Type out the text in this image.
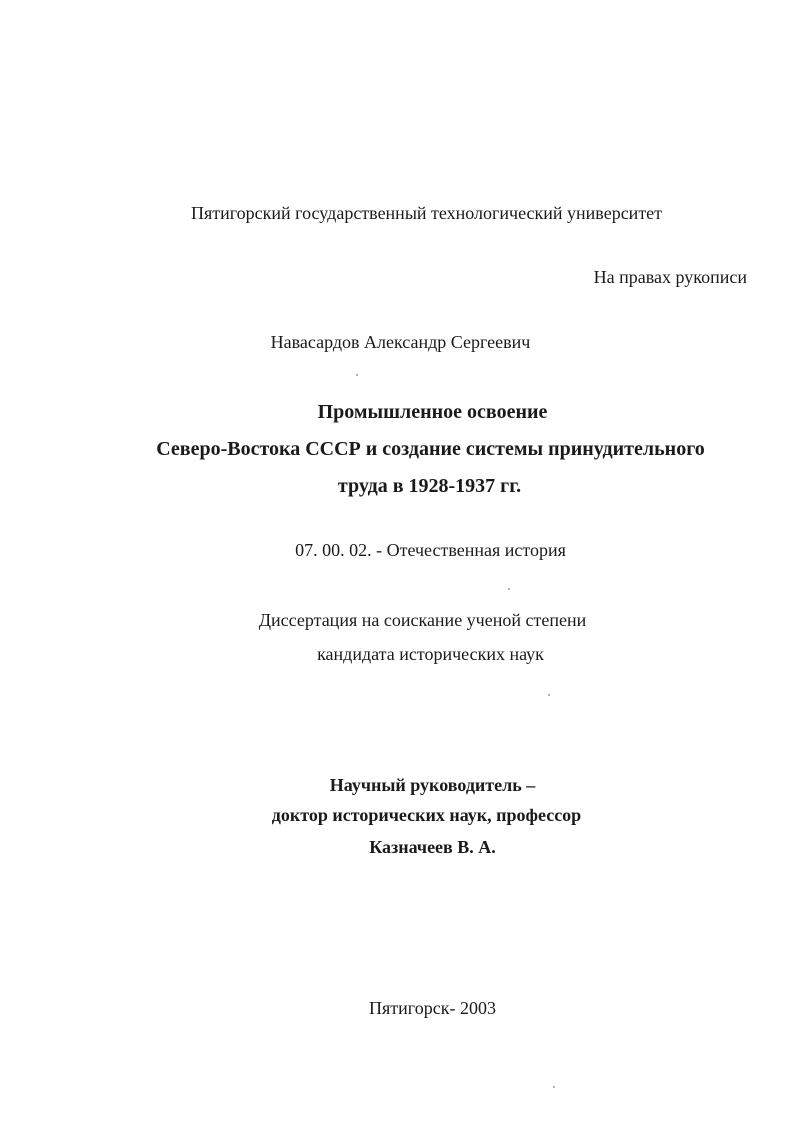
Пятигорский государственный технологический университет
На правах рукописи
Навасардов Александр Сергеевич
Промышленное освоение
Северо-Востока СССР и создание системы принудительного
труда в 1928-1937 гг.
07. 00. 02. - Отечественная история
Диссертация на соискание ученой степени
кандидата исторических наук
Научный руководитель –
доктор исторических наук, профессор
Казначеев В. А.
Пятигорск- 2003
